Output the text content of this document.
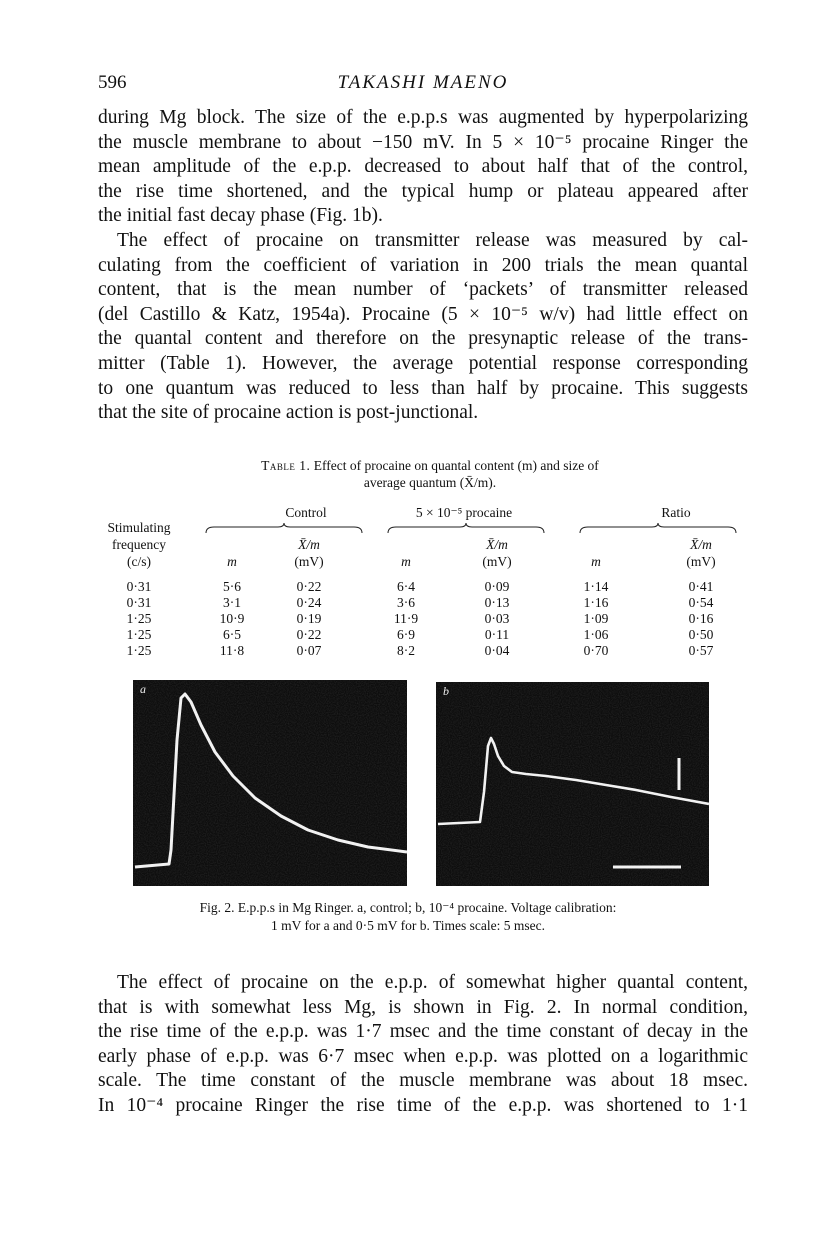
596	TAKASHI MAENO

during Mg block. The size of the e.p.p.s was augmented by hyperpolarizing

the muscle membrane to about −150 mV. In 5 × 10⁻⁵ procaine Ringer the

mean amplitude of the e.p.p. decreased to about half that of the control,

the rise time shortened, and the typical hump or plateau appeared after

the initial fast decay phase (Fig. 1b).

The effect of procaine on transmitter release was measured by cal-

culating from the coefficient of variation in 200 trials the mean quantal

content, that is the mean number of ‘packets’ of transmitter released

(del Castillo & Katz, 1954a). Procaine (5 × 10⁻⁵ w/v) had little effect on

the quantal content and therefore on the presynaptic release of the trans-

mitter (Table 1). However, the average potential response corresponding

to one quantum was reduced to less than half by procaine. This suggests

that the site of procaine action is post-junctional.

Table 1. Effect of procaine on quantal content (m) and size of
average quantum (X̄/m).
Control	5 × 10⁻⁵ procaine	Ratio
Stimulating
frequency
(c/s)	m
X̄/m
(mV)	m
X̄/m
(mV)	m
X̄/m
(mV)
0·31	5·6	0·22	6·4	0·09	1·14	0·41
0·31	3·1	0·24	3·6	0·13	1·16	0·54
1·25	10·9	0·19	11·9	0·03	1·09	0·16
1·25	6·5	0·22	6·9	0·11	1·06	0·50
1·25	11·8	0·07	8·2	0·04	0·70	0·57
a	b
Fig. 2. E.p.p.s in Mg Ringer. a, control; b, 10⁻⁴ procaine. Voltage calibration:
1 mV for a and 0·5 mV for b. Times scale: 5 msec.

The effect of procaine on the e.p.p. of somewhat higher quantal content,

that is with somewhat less Mg, is shown in Fig. 2. In normal condition,

the rise time of the e.p.p. was 1·7 msec and the time constant of decay in the

early phase of e.p.p. was 6·7 msec when e.p.p. was plotted on a logarithmic

scale. The time constant of the muscle membrane was about 18 msec.

In 10⁻⁴ procaine Ringer the rise time of the e.p.p. was shortened to 1·1
